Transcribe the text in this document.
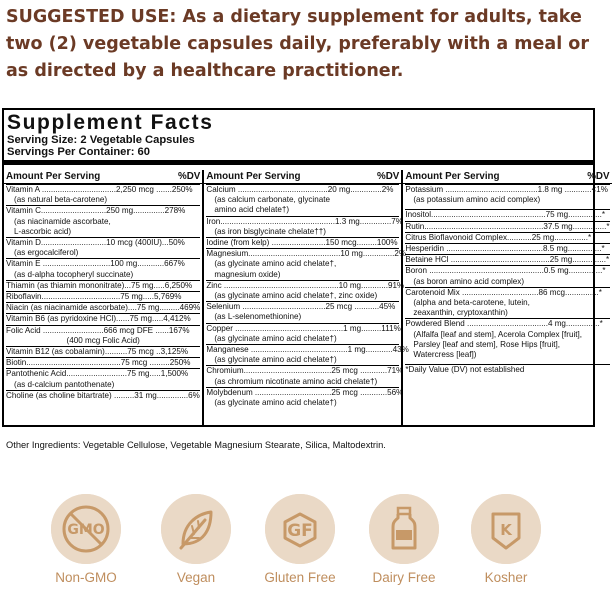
SUGGESTED USE: As a dietary supplement for adults, take two (2) vegetable capsules daily, preferably with a meal or as directed by a healthcare practitioner.
Supplement Facts
Serving Size: 2 Vegetable Capsules
Servings Per Container: 60
Amount Per Serving	%DV
Vitamin A .................................2,250 mcg .......250%
(as natural beta-carotene)
Vitamin C.............................250 mg..............278%
(as niacinamide ascorbate,
L-ascorbic acid)
Vitamin D.............................10 mcg (400IU)...50%
(as ergocalciferol)
Vitamin E ..............................100 mg............667%
(as d-alpha tocopheryl succinate)
Thiamin (as thiamin mononitrate)...75 mg.....6,250%
Riboflavin...................................75 mg.....5,769%
Niacin (as niacinamide ascorbate)....75 mg.........469%
Vitamin B6 (as pyridoxine HCl)......75 mg.....4,412%
Folic Acid ...........................666 mcg DFE ......167%
(400 mcg Folic Acid)
Vitamin B12 (as cobalamin)..........75 mcg ..3,125%
Biotin..........................................75 mcg .........250%
Pantothenic Acid...........................75 mg.....1,500%
(as d-calcium pantothenate)
Choline (as choline bitartrate) .........31 mg..............6%
Amount Per Serving	%DV
Calcium ........................................20 mg..............2%
(as calcium carbonate, glycinate
amino acid chelate†)
Iron...................................................1.3 mg..............7%
(as iron bisglycinate chelate††)
Iodine (from kelp) ........................150 mcg.........100%
Magnesium.........................................10 mg..............2%
(as glycinate amino acid chelate†,
magnesium oxide)
Zinc ...................................................10 mg............91%
(as glycinate amino acid chelate†, zinc oxide)
Selenium .....................................25 mcg ...........45%
(as L-selenomethionine)
Copper ................................................1 mg.........111%
(as glycinate amino acid chelate†)
Manganese ...........................................1 mg............43%
(as glycinate amino acid chelate†)
Chromium.......................................25 mcg ............71%
(as chromium nicotinate amino acid chelate†)
Molybdenum ..................................25 mcg ............56%
(as glycinate amino acid chelate†)
Amount Per Serving	%DV
Potassium .........................................1.8 mg ............<1%
(as potassium amino acid complex)
Inositol...................................................75 mg...............*
Rutin.....................................................37.5 mg...............*
Citrus Bioflavonoid Complex...........25 mg...............*
Hesperidin ...........................................8.5 mg...............*
Betaine HCl ............................................25 mg...............*
Boron ...................................................0.5 mg...............*
(as boron amino acid complex)
Carotenoid Mix ..................................86 mcg...............*
(alpha and beta-carotene, lutein,
zeaxanthin, cryptoxanthin)
Powdered Blend ....................................4 mg...............*
(Alfalfa [leaf and stem], Acerola Complex [fruit],
Parsley [leaf and stem], Rose Hips [fruit],
Watercress [leaf])
*Daily Value (DV) not established
Other Ingredients: Vegetable Cellulose, Vegetable Magnesium Stearate, Silica, Maltodextrin.
GMO
Non-GMO	Vegan
GF
Gluten Free	Dairy Free
K
Kosher
